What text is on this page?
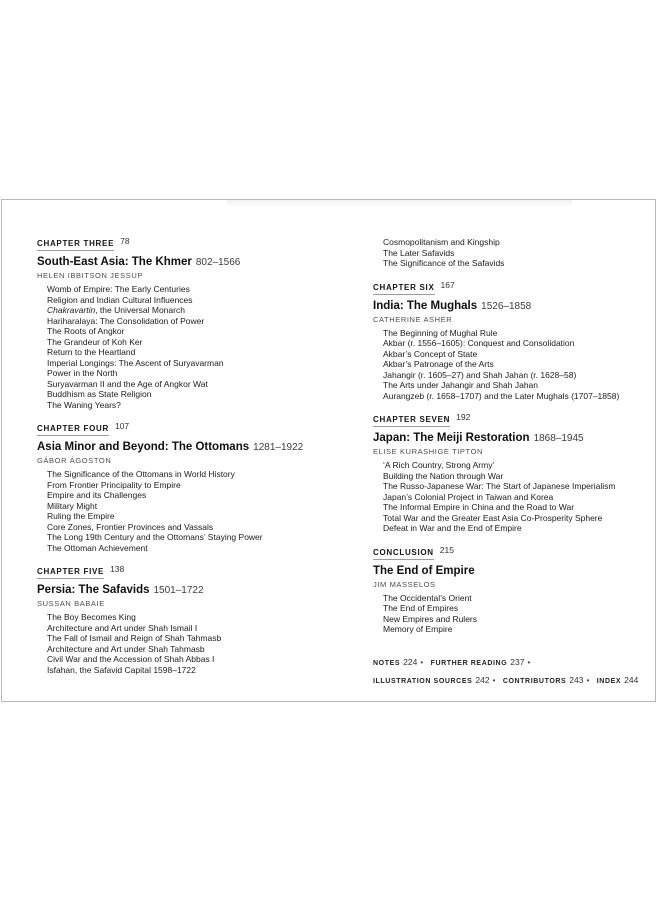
CHAPTER THREE $^{78}$
South-East Asia: The Khmer 802–1566
HELEN IBBITSON JESSUP
Womb of Empire: The Early Centuries
Religion and Indian Cultural Influences
Chakravartin, the Universal Monarch
Hariharalaya: The Consolidation of Power
The Roots of Angkor
The Grandeur of Koh Ker
Return to the Heartland
Imperial Longings: The Ascent of Suryavarman
Power in the North
Suryavarman II and the Age of Angkor Wat
Buddhism as State Religion
The Waning Years?
CHAPTER FOUR $^{107}$
Asia Minor and Beyond: The Ottomans 1281–1922
GÁBOR ÁGOSTON
The Significance of the Ottomans in World History
From Frontier Principality to Empire
Empire and its Challenges
Military Might
Ruling the Empire
Core Zones, Frontier Provinces and Vassals
The Long 19th Century and the Ottomans’ Staying Power
The Ottoman Achievement
CHAPTER FIVE $^{138}$
Persia: The Safavids 1501–1722
SUSSAN BABAIE
The Boy Becomes King
Architecture and Art under Shah Ismail I
The Fall of Ismail and Reign of Shah Tahmasb
Architecture and Art under Shah Tahmasb
Civil War and the Accession of Shah Abbas I
Isfahan, the Safavid Capital 1598–1722
Cosmopolitanism and Kingship
The Later Safavids
The Significance of the Safavids
CHAPTER SIX $^{167}$
India: The Mughals 1526–1858
CATHERINE ASHER
The Beginning of Mughal Rule
Akbar (r. 1556–1605): Conquest and Consolidation
Akbar’s Concept of State
Akbar’s Patronage of the Arts
Jahangir (r. 1605–27) and Shah Jahan (r. 1628–58)
The Arts under Jahangir and Shah Jahan
Aurangzeb (r. 1658–1707) and the Later Mughals (1707–1858)
CHAPTER SEVEN $^{192}$
Japan: The Meiji Restoration 1868–1945
ELISE KURASHIGE TIPTON
‘A Rich Country, Strong Army’
Building the Nation through War
The Russo-Japanese War: The Start of Japanese Imperialism
Japan’s Colonial Project in Taiwan and Korea
The Informal Empire in China and the Road to War
Total War and the Greater East Asia Co-Prosperity Sphere
Defeat in War and the End of Empire
CONCLUSION $^{215}$
The End of Empire
JIM MASSELOS
The Occidental’s Orient
The End of Empires
New Empires and Rulers
Memory of Empire
NOTES 224 • FURTHER READING 237 • ILLUSTRATION SOURCES 242 • CONTRIBUTORS 243 • INDEX 244
